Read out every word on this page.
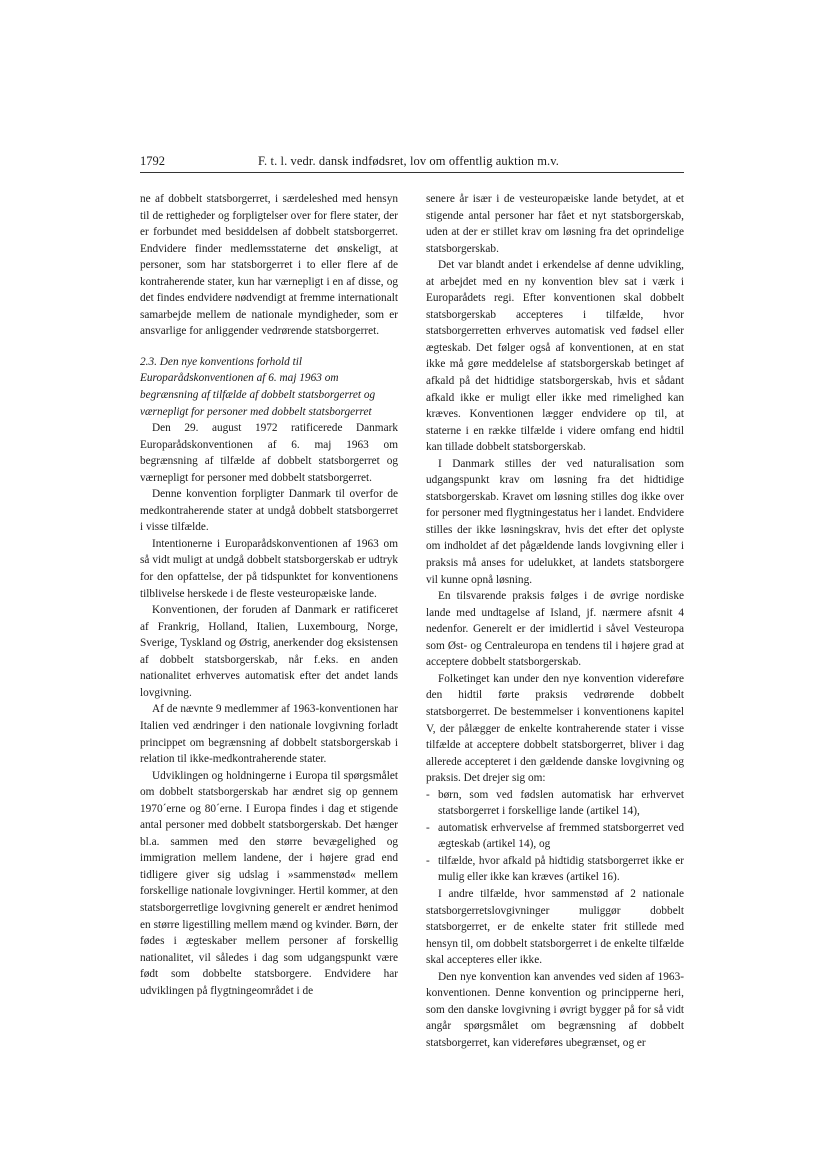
1792	F. t. l. vedr. dansk indfødsret, lov om offentlig auktion m.v.

ne af dobbelt statsborgerret, i særdeleshed med hensyn til de rettigheder og forpligtelser over for flere stater, der er forbundet med besiddelsen af dobbelt statsborgerret. Endvidere finder medlemsstaterne det ønskeligt, at personer, som har statsborgerret i to eller flere af de kontraherende stater, kun har værnepligt i en af disse, og det findes endvidere nødvendigt at fremme internationalt samarbejde mellem de nationale myndigheder, som er ansvarlige for anliggender vedrørende statsborgerret.

2.3. Den nye konventions forhold til Europarådskonventionen af 6. maj 1963 om begrænsning af tilfælde af dobbelt statsborgerret og værnepligt for personer med dobbelt statsborgerret

Den 29. august 1972 ratificerede Danmark Europarådskonventionen af 6. maj 1963 om begrænsning af tilfælde af dobbelt statsborgerret og værnepligt for personer med dobbelt statsborgerret.

Denne konvention forpligter Danmark til overfor de medkontraherende stater at undgå dobbelt statsborgerret i visse tilfælde.

Intentionerne i Europarådskonventionen af 1963 om så vidt muligt at undgå dobbelt statsborgerskab er udtryk for den opfattelse, der på tidspunktet for konventionens tilblivelse herskede i de fleste vesteuropæiske lande.

Konventionen, der foruden af Danmark er ratificeret af Frankrig, Holland, Italien, Luxembourg, Norge, Sverige, Tyskland og Østrig, anerkender dog eksistensen af dobbelt statsborgerskab, når f.eks. en anden nationalitet erhverves automatisk efter det andet lands lovgivning.

Af de nævnte 9 medlemmer af 1963-konventionen har Italien ved ændringer i den nationale lovgivning forladt princippet om begrænsning af dobbelt statsborgerskab i relation til ikke-medkontraherende stater.

Udviklingen og holdningerne i Europa til spørgsmålet om dobbelt statsborgerskab har ændret sig op gennem 1970´erne og 80´erne. I Europa findes i dag et stigende antal personer med dobbelt statsborgerskab. Det hænger bl.a. sammen med den større bevægelighed og immigration mellem landene, der i højere grad end tidligere giver sig udslag i »sammenstød« mellem forskellige nationale lovgivninger. Hertil kommer, at den statsborgerretlige lovgivning generelt er ændret henimod en større ligestilling mellem mænd og kvinder. Børn, der fødes i ægteskaber mellem personer af forskellig nationalitet, vil således i dag som udgangspunkt være født som dobbelte statsborgere. Endvidere har udviklingen på flygtningeområdet i de

senere år især i de vesteuropæiske lande betydet, at et stigende antal personer har fået et nyt statsborgerskab, uden at der er stillet krav om løsning fra det oprindelige statsborgerskab.

Det var blandt andet i erkendelse af denne udvikling, at arbejdet med en ny konvention blev sat i værk i Europarådets regi. Efter konventionen skal dobbelt statsborgerskab accepteres i tilfælde, hvor statsborgerretten erhverves automatisk ved fødsel eller ægteskab. Det følger også af konventionen, at en stat ikke må gøre meddelelse af statsborgerskab betinget af afkald på det hidtidige statsborgerskab, hvis et sådant afkald ikke er muligt eller ikke med rimelighed kan kræves. Konventionen lægger endvidere op til, at staterne i en række tilfælde i videre omfang end hidtil kan tillade dobbelt statsborgerskab.

I Danmark stilles der ved naturalisation som udgangspunkt krav om løsning fra det hidtidige statsborgerskab. Kravet om løsning stilles dog ikke over for personer med flygtningestatus her i landet. Endvidere stilles der ikke løsningskrav, hvis det efter det oplyste om indholdet af det pågældende lands lovgivning eller i praksis må anses for udelukket, at landets statsborgere vil kunne opnå løsning.

En tilsvarende praksis følges i de øvrige nordiske lande med undtagelse af Island, jf. nærmere afsnit 4 nedenfor. Generelt er der imidlertid i såvel Vesteuropa som Øst- og Centraleuropa en tendens til i højere grad at acceptere dobbelt statsborgerskab.

Folketinget kan under den nye konvention videreføre den hidtil førte praksis vedrørende dobbelt statsborgerret. De bestemmelser i konventionens kapitel V, der pålægger de enkelte kontraherende stater i visse tilfælde at acceptere dobbelt statsborgerret, bliver i dag allerede accepteret i den gældende danske lovgivning og praksis. Det drejer sig om:

- børn, som ved fødslen automatisk har erhvervet statsborgerret i forskellige lande (artikel 14),
- automatisk erhvervelse af fremmed statsborgerret ved ægteskab (artikel 14), og
- tilfælde, hvor afkald på hidtidig statsborgerret ikke er mulig eller ikke kan kræves (artikel 16).

I andre tilfælde, hvor sammenstød af 2 nationale statsborgerretslovgivninger muliggør dobbelt statsborgerret, er de enkelte stater frit stillede med hensyn til, om dobbelt statsborgerret i de enkelte tilfælde skal accepteres eller ikke.

Den nye konvention kan anvendes ved siden af 1963-konventionen. Denne konvention og principperne heri, som den danske lovgivning i øvrigt bygger på for så vidt angår spørgsmålet om begrænsning af dobbelt statsborgerret, kan videreføres ubegrænset, og er
